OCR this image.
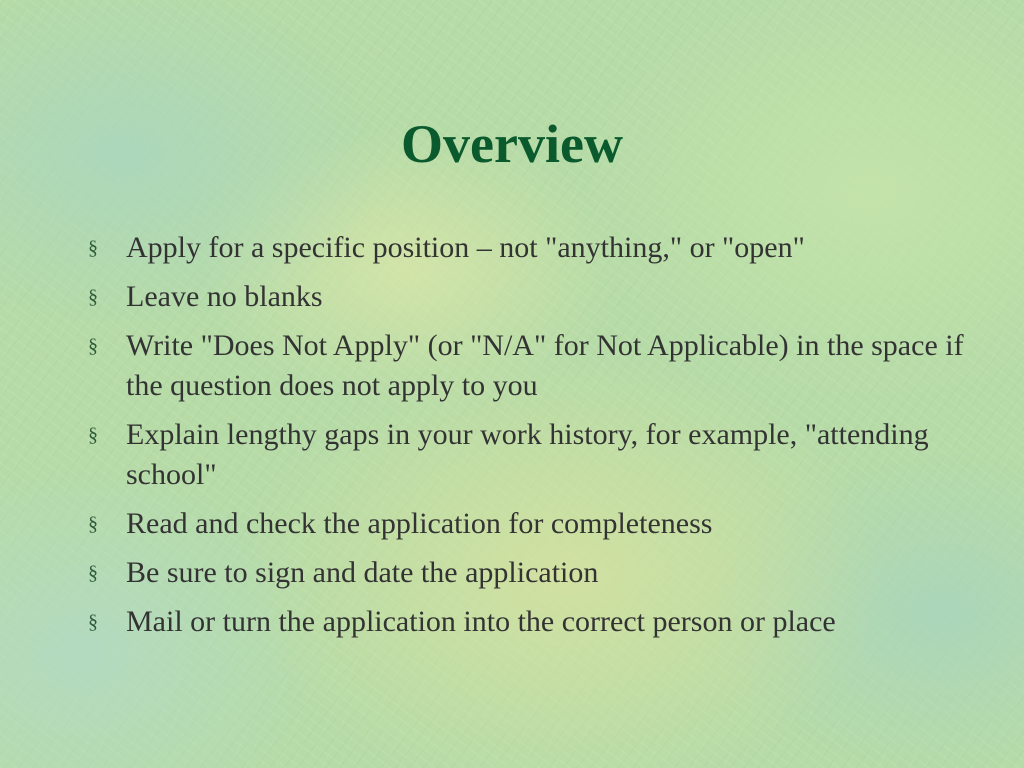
Overview
§ Apply for a specific position – not "anything," or "open"
§ Leave no blanks
§ Write "Does Not Apply" (or "N/A" for Not Applicable) in the space if the question does not apply to you
§ Explain lengthy gaps in your work history, for example, "attending school"
§ Read and check the application for completeness
§ Be sure to sign and date the application
§ Mail or turn the application into the correct person or place
